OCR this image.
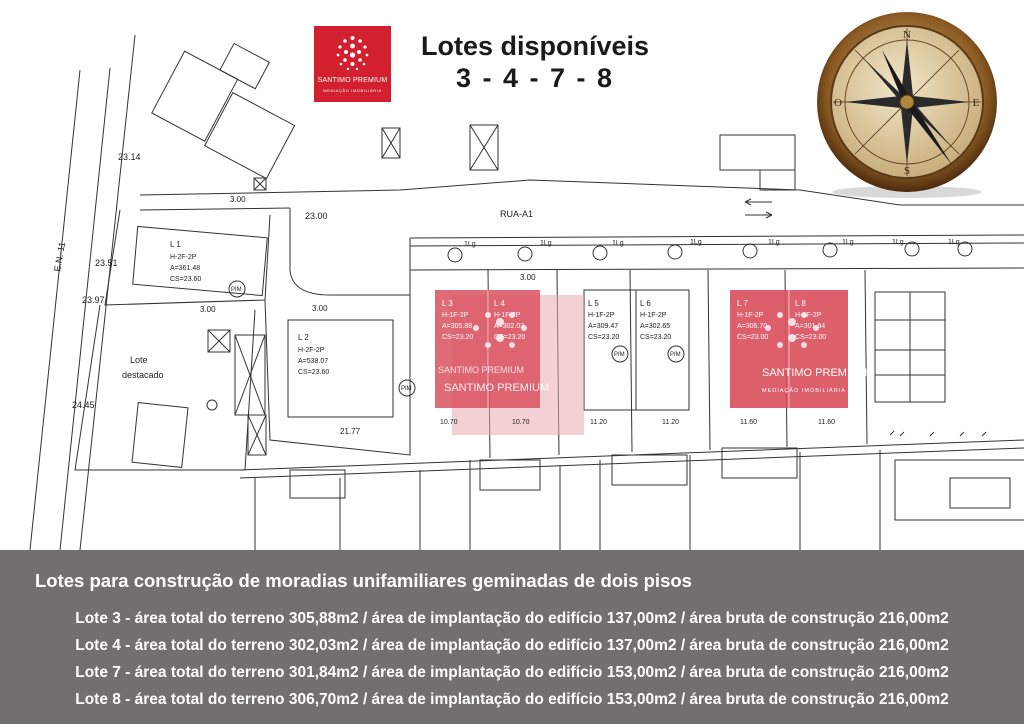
RUA-A1
23.00
E.N.-11
23.14
23.51
23.97
24.45
3.00
3.00	3.00
3.00
21.77
Lote
destacado
1Lg	1Lg	1Lg	1Lg	1Lg	1Lg	1Lg	1Lg
PIM
PIM
PIM	PIM
L 1
H-2F-2P
A=361.48
CS=23.60
L 2
H-2F-2P
A=538.07
CS=23.60
L 3
H-1F-2P
A=305.88
CS=23.20
10.70
L 4
H-1F-2P
A=302.03
CS=23.20
10.70
L 5
H-1F-2P
A=309.47
CS=23.20
11.20
L 6
H-1F-2P
A=302.65
CS=23.20
11.20
L 7
H-1F-2P
A=306.70
CS=23.00
11.60
L 8
H-1F-2P
A=301.84
CS=23.00
11.60
SANTIMO PREMIUM
SANTIMO PREMIUM
SANTIMO PREMIUM
MEDIAÇÃO IMOBILIÁRIA
SANTIMO PREMIUM
MEDIAÇÃO IMOBILIÁRIA
Lotes disponíveis
3 - 4 - 7 - 8
N
E
S
O
Lotes para construção de moradias unifamiliares geminadas de dois pisos
Lote 3 - área total do terreno 305,88m2 / área de implantação do edifício 137,00m2 / área bruta de construção 216,00m2
Lote 4 - área total do terreno 302,03m2 / área de implantação do edifício 137,00m2 / área bruta de construção 216,00m2
Lote 7 - área total do terreno 301,84m2 / área de implantação do edifício 153,00m2 / área bruta de construção 216,00m2
Lote 8 - área total do terreno 306,70m2 / área de implantação do edifício 153,00m2 / área bruta de construção 216,00m2
